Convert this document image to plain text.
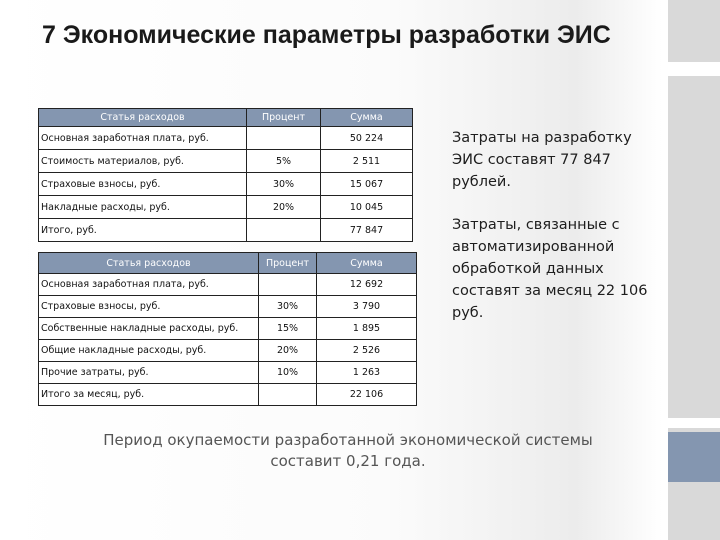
7 Экономические параметры разработки ЭИС
Статья расходов	Процент	Сумма
Основная заработная плата, руб.		50 224
Стоимость материалов, руб.	5%	2 511
Страховые взносы, руб.	30%	15 067
Накладные расходы, руб.	20%	10 045
Итого, руб.		77 847
Статья расходов	Процент	Сумма
Основная заработная плата, руб.		12 692
Страховые взносы, руб.	30%	3 790
Собственные накладные расходы, руб.	15%	1 895
Общие накладные расходы, руб.	20%	2 526
Прочие затраты, руб.	10%	1 263
Итого за месяц, руб.		22 106
Затраты на разработку ЭИС составят 77 847 рублей.
Затраты, связанные с автоматизированной обработкой данных составят за месяц 22 106 руб.
Период окупаемости разработанной экономической системы составит 0,21 года.
